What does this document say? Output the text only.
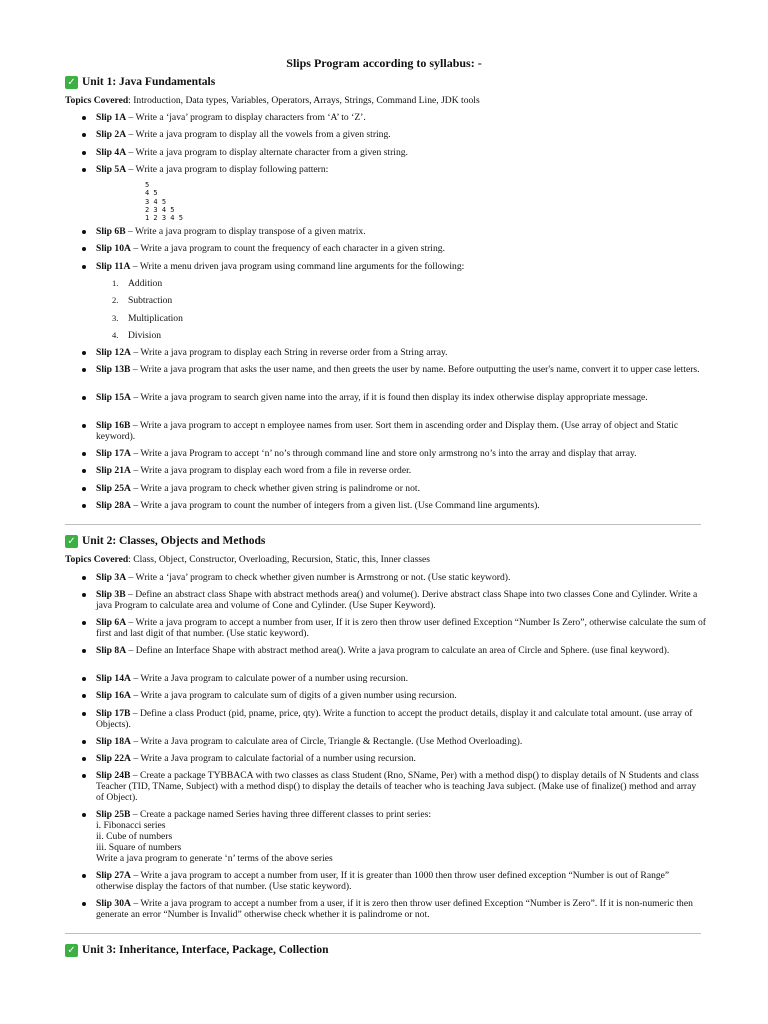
Slips Program according to syllabus: -
✓ Unit 1: Java Fundamentals
Topics Covered: Introduction, Data types, Variables, Operators, Arrays, Strings, Command Line, JDK tools
Slip 1A – Write a ‘java’ program to display characters from ‘A’ to ‘Z’.
Slip 2A – Write a java program to display all the vowels from a given string.
Slip 4A – Write a java program to display alternate character from a given string.
Slip 5A – Write a java program to display following pattern:
Slip 6B – Write a java program to display transpose of a given matrix.
Slip 10A – Write a java program to count the frequency of each character in a given string.
Slip 11A – Write a menu driven java program using command line arguments for the following:
Slip 12A – Write a java program to display each String in reverse order from a String array.
Slip 13B – Write a java program that asks the user name, and then greets the user by name. Before outputting the user's name, convert it to upper case letters.
Slip 15A – Write a java program to search given name into the array, if it is found then display its index otherwise display appropriate message.
Slip 16B – Write a java program to accept n employee names from user. Sort them in ascending order and Display them. (Use array of object and Static keyword).
Slip 17A – Write a java Program to accept ‘n’ no’s through command line and store only armstrong no’s into the array and display that array.
Slip 21A – Write a java program to display each word from a file in reverse order.
Slip 25A – Write a java program to check whether given string is palindrome or not.
Slip 28A – Write a java program to count the number of integers from a given list. (Use Command line arguments).
5
4 5
3 4 5
2 3 4 5
1 2 3 4 5
1. Addition
2. Subtraction
3. Multiplication
4. Division
✓ Unit 2: Classes, Objects and Methods
Topics Covered: Class, Object, Constructor, Overloading, Recursion, Static, this, Inner classes
Slip 3A – Write a ‘java’ program to check whether given number is Armstrong or not. (Use static keyword).
Slip 3B – Define an abstract class Shape with abstract methods area() and volume(). Derive abstract class Shape into two classes Cone and Cylinder. Write a java Program to calculate area and volume of Cone and Cylinder. (Use Super Keyword).
Slip 6A – Write a java program to accept a number from user, If it is zero then throw user defined Exception “Number Is Zero”, otherwise calculate the sum of first and last digit of that number. (Use static keyword).
Slip 8A – Define an Interface Shape with abstract method area(). Write a java program to calculate an area of Circle and Sphere. (use final keyword).
Slip 14A – Write a Java program to calculate power of a number using recursion.
Slip 16A – Write a java program to calculate sum of digits of a given number using recursion.
Slip 17B – Define a class Product (pid, pname, price, qty). Write a function to accept the product details, display it and calculate total amount. (use array of Objects).
Slip 18A – Write a Java program to calculate area of Circle, Triangle & Rectangle. (Use Method Overloading).
Slip 22A – Write a Java program to calculate factorial of a number using recursion.
Slip 24B – Create a package TYBBACA with two classes as class Student (Rno, SName, Per) with a method disp() to display details of N Students and class Teacher (TID, TName, Subject) with a method disp() to display the details of teacher who is teaching Java subject. (Make use of finalize() method and array of Object).
Slip 25B – Create a package named Series having three different classes to print series:
i. Fibonacci series
ii. Cube of numbers
iii. Square of numbers
Write a java program to generate ‘n’ terms of the above series
Slip 27A – Write a java program to accept a number from user, If it is greater than 1000 then throw user defined exception “Number is out of Range” otherwise display the factors of that number. (Use static keyword).
Slip 30A – Write a java program to accept a number from a user, if it is zero then throw user defined Exception “Number is Zero”. If it is non-numeric then generate an error “Number is Invalid” otherwise check whether it is palindrome or not.
✓ Unit 3: Inheritance, Interface, Package, Collection
